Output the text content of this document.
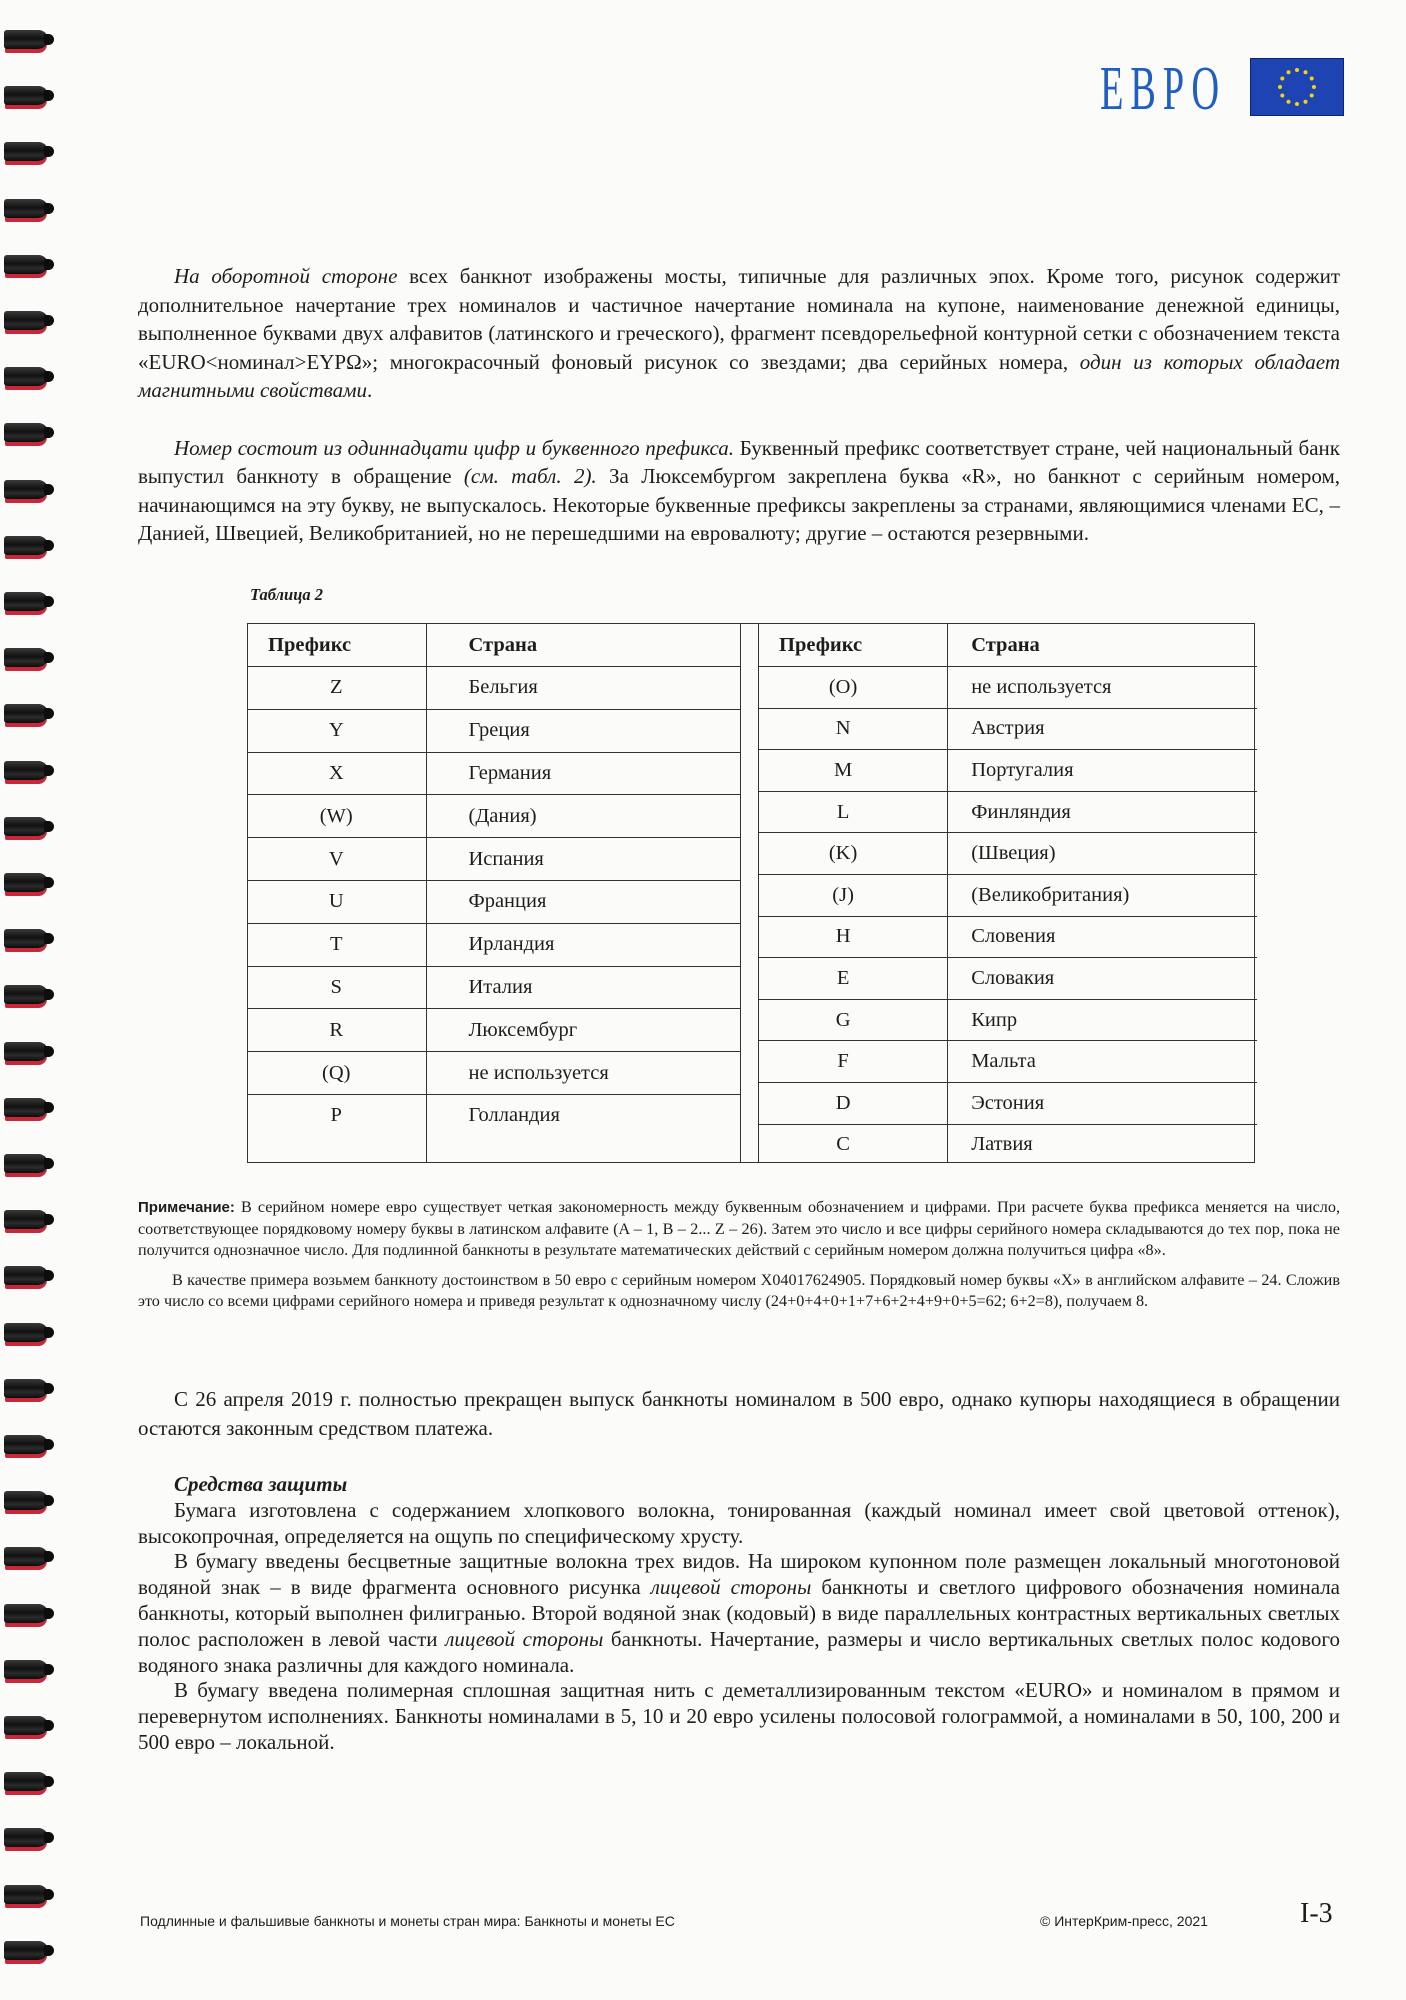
ЕВРО

На оборотной стороне всех банкнот изображены мосты, типичные для различных эпох. Кроме того, рисунок содержит дополнительное начертание трех номиналов и частичное начертание номинала на купоне, наименование денежной единицы, выполненное буквами двух алфавитов (латинского и греческого), фрагмент псевдорельефной контурной сетки с обозначением текста «EURO<номинал>ЕYPΩ»; многокрасочный фоновый рисунок со звездами; два серийных номера, один из которых обладает магнитными свойствами.

Номер состоит из одиннадцати цифр и буквенного префикса. Буквенный префикс соответствует стране, чей национальный банк выпустил банкноту в обращение (см. табл. 2). За Люксембургом закреплена буква «R», но банкнот с серийным номером, начинающимся на эту букву, не выпускалось. Некоторые буквенные префиксы закреплены за странами, являющимися членами ЕС, – Данией, Швецией, Великобританией, но не перешедшими на евровалюту; другие – остаются резервными.

Таблица 2
Префикс	Страна
Z	Бельгия
Y	Греция
X	Германия
(W)	(Дания)
V	Испания
U	Франция
T	Ирландия
S	Италия
R	Люксембург
(Q)	не используется
P	Голландия
Префикс	Страна
(O)	не используется
N	Австрия
M	Португалия
L	Финляндия
(K)	(Швеция)
(J)	(Великобритания)
H	Словения
E	Словакия
G	Кипр
F	Мальта
D	Эстония
C	Латвия

Примечание: В серийном номере евро существует четкая закономерность между буквенным обозначением и цифрами. При расчете буква префикса меняется на число, соответствующее порядковому номеру буквы в латинском алфавите (A – 1, B – 2... Z – 26). Затем это число и все цифры серийного номера складываются до тех пор, пока не получится однозначное число. Для подлинной банкноты в результате математических действий с серийным номером должна получиться цифра «8».

В качестве примера возьмем банкноту достоинством в 50 евро с серийным номером X04017624905. Порядковый номер буквы «X» в английском алфавите – 24. Сложив это число со всеми цифрами серийного номера и приведя результат к однозначному числу (24+0+4+0+1+7+6+2+4+9+0+5=62; 6+2=8), получаем 8.

С 26 апреля 2019 г. полностью прекращен выпуск банкноты номиналом в 500 евро, однако купюры находящиеся в обращении остаются законным средством платежа.

Средства защиты

Бумага изготовлена с содержанием хлопкового волокна, тонированная (каждый номинал имеет свой цветовой оттенок), высокопрочная, определяется на ощупь по специфическому хрусту.

В бумагу введены бесцветные защитные волокна трех видов. На широком купонном поле размещен локальный многотоновой водяной знак – в виде фрагмента основного рисунка лицевой стороны банкноты и светлого цифрового обозначения номинала банкноты, который выполнен филигранью. Второй водяной знак (кодовый) в виде параллельных контрастных вертикальных светлых полос расположен в левой части лицевой стороны банкноты. Начертание, размеры и число вертикальных светлых полос кодового водяного знака различны для каждого номинала.

В бумагу введена полимерная сплошная защитная нить с деметаллизированным текстом «EURO» и номиналом в прямом и перевернутом исполнениях. Банкноты номиналами в 5, 10 и 20 евро усилены полосовой голограммой, а номиналами в 50, 100, 200 и 500 евро – локальной.

Подлинные и фальшивые банкноты и монеты стран мира: Банкноты и монеты ЕС	© ИнтерКрим-пресс, 2021	I-3
